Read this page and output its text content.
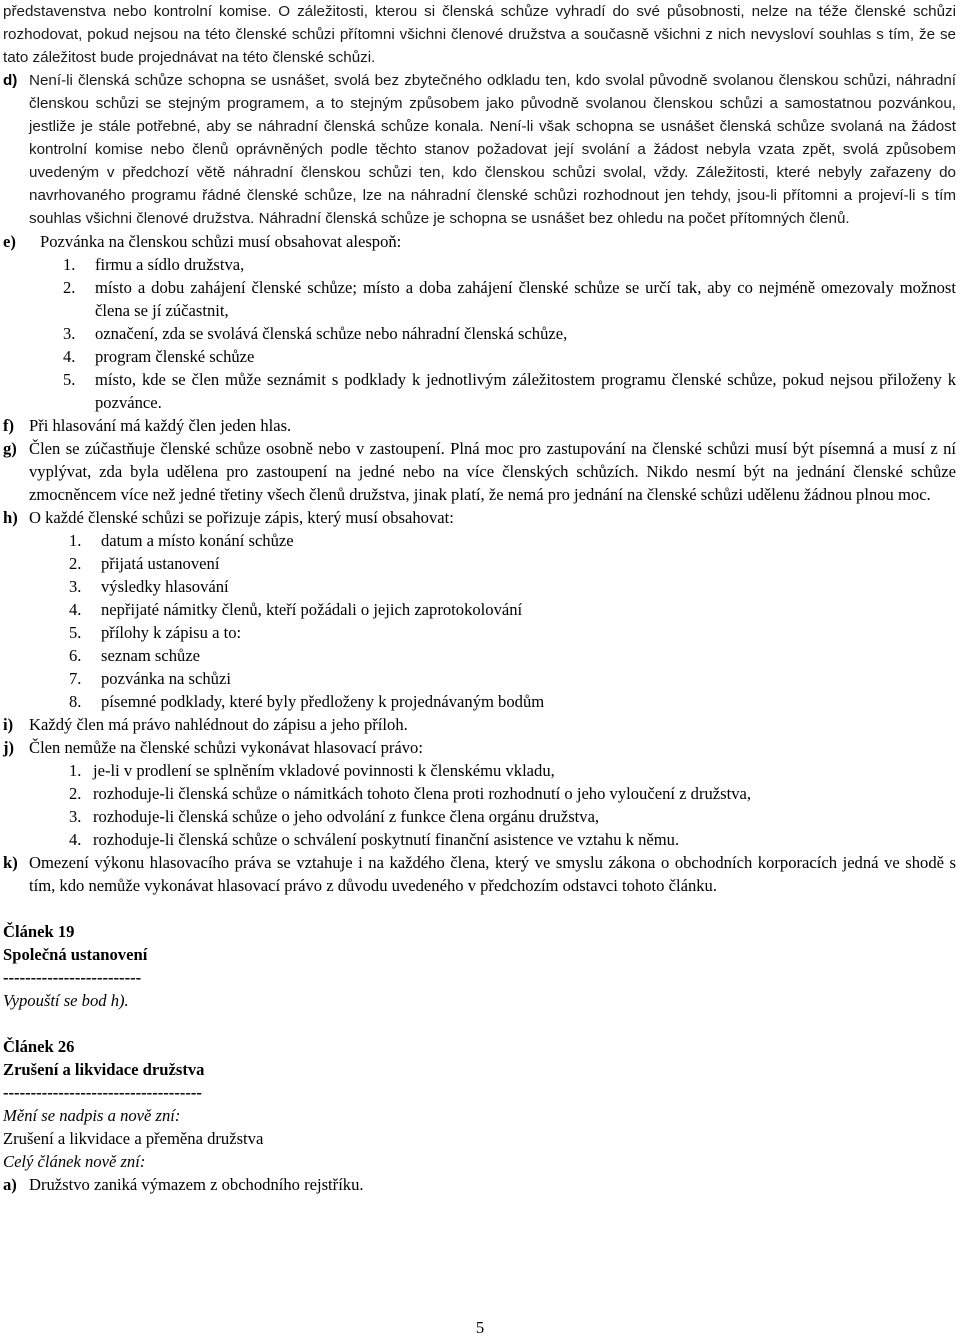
představenstva nebo kontrolní komise. O záležitosti, kterou si členská schůze vyhradí do své působnosti, nelze na téže členské schůzi rozhodovat, pokud nejsou na této členské schůzi přítomni všichni členové družstva a současně všichni z nich nevysloví souhlas s tím, že se tato záležitost bude projednávat na této členské schůzi.

d) Není-li členská schůze schopna se usnášet, svolá bez zbytečného odkladu ten, kdo svolal původně svolanou členskou schůzi, náhradní členskou schůzi se stejným programem, a to stejným způsobem jako původně svolanou členskou schůzi a samostatnou pozvánkou, jestliže je stále potřebné, aby se náhradní členská schůze konala. Není-li však schopna se usnášet členská schůze svolaná na žádost kontrolní komise nebo členů oprávněných podle těchto stanov požadovat její svolání a žádost nebyla vzata zpět, svolá způsobem uvedeným v předchozí větě náhradní členskou schůzi ten, kdo členskou schůzi svolal, vždy. Záležitosti, které nebyly zařazeny do navrhovaného programu řádné členské schůze, lze na náhradní členské schůzi rozhodnout jen tehdy, jsou-li přítomni a projeví-li s tím souhlas všichni členové družstva. Náhradní členská schůze je schopna se usnášet bez ohledu na počet přítomných členů.

e)	Pozvánka na členskou schůzi musí obsahovat alespoň:

1.	firmu a sídlo družstva,
2.	místo a dobu zahájení členské schůze; místo a doba zahájení členské schůze se určí tak, aby co nejméně omezovaly možnost člena se jí zúčastnit,
3.	označení, zda se svolává členská schůze nebo náhradní členská schůze,
4.	program členské schůze
5.	místo, kde se člen může seznámit s podklady k jednotlivým záležitostem programu členské schůze, pokud nejsou přiloženy k pozvánce.
f) Při hlasování má každý člen jeden hlas.

g) Člen se zúčastňuje členské schůze osobně nebo v zastoupení. Plná moc pro zastupování na členské schůzi musí být písemná a musí z ní vyplývat, zda byla udělena pro zastoupení na jedné nebo na více členských schůzích. Nikdo nesmí být na jednání členské schůze zmocněncem více než jedné třetiny všech členů družstva, jinak platí, že nemá pro jednání na členské schůzi udělenu žádnou plnou moc.

h) O každé členské schůzi se pořizuje zápis, který musí obsahovat:

1.	datum a místo konání schůze
2.	přijatá ustanovení
3.	výsledky hlasování
4.	nepřijaté námitky členů, kteří požádali o jejich zaprotokolování
5.	přílohy k zápisu a to:
6.	seznam schůze
7.	pozvánka na schůzi
8.	písemné podklady, které byly předloženy k projednávaným bodům
i) Každý člen má právo nahlédnout do zápisu a jeho příloh.

j) Člen nemůže na členské schůzi vykonávat hlasovací právo:

1. je-li v prodlení se splněním vkladové povinnosti k členskému vkladu,
2. rozhoduje-li členská schůze o námitkách tohoto člena proti rozhodnutí o jeho vyloučení z družstva,
3. rozhoduje-li členská schůze o jeho odvolání z funkce člena orgánu družstva,
4. rozhoduje-li členská schůze o schválení poskytnutí finanční asistence ve vztahu k němu.
k) Omezení výkonu hlasovacího práva se vztahuje i na každého člena, který ve smyslu zákona o obchodních korporacích jedná ve shodě s tím, kdo nemůže vykonávat hlasovací právo z důvodu uvedeného v předchozím odstavci tohoto článku.

Článek 19
Společná ustanovení
-------------------------
Vypouští se bod h).
Článek 26
Zrušení a likvidace družstva
------------------------------------
Mění se nadpis a nově zní:
Zrušení a likvidace a přeměna družstva
Celý článek nově zní:
a) Družstvo zaniká výmazem z obchodního rejstříku.

5
